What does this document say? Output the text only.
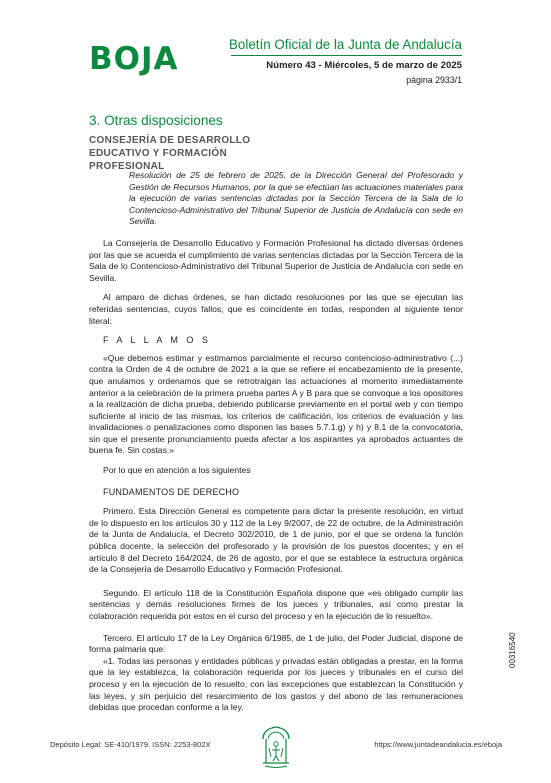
BOJA	Boletín Oficial de la Junta de Andalucía
Número 43 - Miércoles, 5 de marzo de 2025
página 2933/1
3. Otras disposiciones
CONSEJERÍA DE DESARROLLO EDUCATIVO Y FORMACIÓN PROFESIONAL

Resolución de 25 de febrero de 2025, de la Dirección General del Profesorado y Gestión de Recursos Humanos, por la que se efectúan las actuaciones materiales para la ejecución de varias sentencias dictadas por la Sección Tercera de la Sala de lo Contencioso-Administrativo del Tribunal Superior de Justicia de Andalucía con sede en Sevilla.

La Consejería de Desarrollo Educativo y Formación Profesional ha dictado diversas órdenes por las que se acuerda el cumplimiento de varias sentencias dictadas por la Sección Tercera de la Sala de lo Contencioso-Administrativo del Tribunal Superior de Justicia de Andalucía con sede en Sevilla.

Al amparo de dichas órdenes, se han dictado resoluciones por las que se ejecutan las referidas sentencias, cuyos fallos, que es coincidente en todas, responden al siguiente tenor literal:

F A L L A M O S

«Que debemos estimar y estimamos parcialmente el recurso contencioso-administrativo (...) contra la Orden de 4 de octubre de 2021 a la que se refiere el encabezamiento de la presente, que anulamos y ordenamos que se retrotraigan las actuaciones al momento inmediatamente anterior a la celebración de la primera prueba partes A y B para que se convoque a los opositores a la realización de dicha prueba, debiendo publicarse previamente en el portal web y con tiempo suficiente al inicio de las mismas, los criterios de calificación, los criterios de evaluación y las invalidaciones o penalizaciones como disponen las bases 5.7.1.g) y h) y 8.1 de la convocatoria, sin que el presente pronunciamiento pueda afectar a los aspirantes ya aprobados actuantes de buena fe. Sin costas.»

Por lo que en atención a los siguientes

FUNDAMENTOS DE DERECHO

Primero. Esta Dirección General es competente para dictar la presente resolución, en virtud de lo dispuesto en los artículos 30 y 112 de la Ley 9/2007, de 22 de octubre, de la Administración de la Junta de Andalucía, el Decreto 302/2010, de 1 de junio, por el que se ordena la función pública docente, la selección del profesorado y la provisión de los puestos docentes; y en el artículo 8 del Decreto 164/2024, de 26 de agosto, por el que se establece la estructura orgánica de la Consejería de Desarrollo Educativo y Formación Profesional.

Segundo. El artículo 118 de la Constitución Española dispone que «es obligado cumplir las sentencias y demás resoluciones firmes de los jueces y tribunales, así como prestar la colaboración requerida por estos en el curso del proceso y en la ejecución de lo resuelto».

Tercero. El artículo 17 de la Ley Orgánica 6/1985, de 1 de julio, del Poder Judicial, dispone de forma palmaria que:

«1. Todas las personas y entidades públicas y privadas están obligadas a prestar, en la forma que la ley establezca, la colaboración requerida por los jueces y tribunales en el curso del proceso y en la ejecución de lo resuelto, con las excepciones que establezcan la Constitución y las leyes, y sin perjuicio del resarcimiento de los gastos y del abono de las remuneraciones debidas que procedan conforme a la ley.

00316540
Depósito Legal: SE-410/1979. ISSN: 2253-802X	https://www.juntadeandalucia.es/eboja
